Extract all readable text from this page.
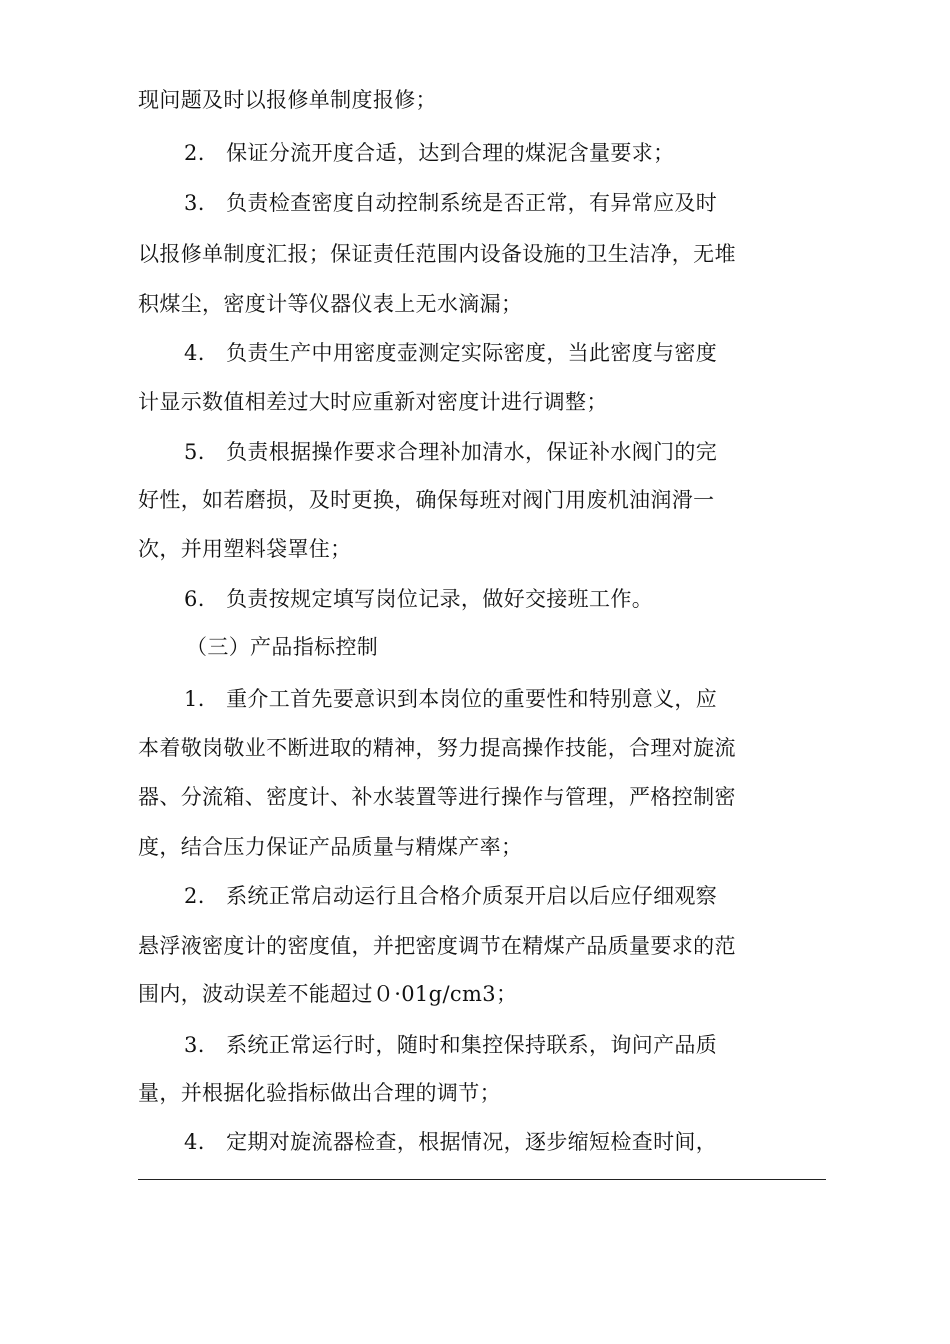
现问题及时以报修单制度报修；
2.　保证分流开度合适，达到合理的煤泥含量要求；
3.　负责检查密度自动控制系统是否正常，有异常应及时
以报修单制度汇报；保证责任范围内设备设施的卫生洁净，无堆
积煤尘，密度计等仪器仪表上无水滴漏；
4.　负责生产中用密度壶测定实际密度，当此密度与密度
计显示数值相差过大时应重新对密度计进行调整；
5.　负责根据操作要求合理补加清水，保证补水阀门的完
好性，如若磨损，及时更换，确保每班对阀门用废机油润滑一
次，并用塑料袋罩住；
6.　负责按规定填写岗位记录，做好交接班工作。
（三）产品指标控制
1.　重介工首先要意识到本岗位的重要性和特别意义，应
本着敬岗敬业不断进取的精神，努力提高操作技能，合理对旋流
器、分流箱、密度计、补水装置等进行操作与管理，严格控制密
度，结合压力保证产品质量与精煤产率；
2.　系统正常启动运行且合格介质泵开启以后应仔细观察
悬浮液密度计的密度值，并把密度调节在精煤产品质量要求的范
围内，波动误差不能超过０·01g/cm3；
3.　系统正常运行时，随时和集控保持联系，询问产品质
量，并根据化验指标做出合理的调节；
4.　定期对旋流器检查，根据情况，逐步缩短检查时间，
